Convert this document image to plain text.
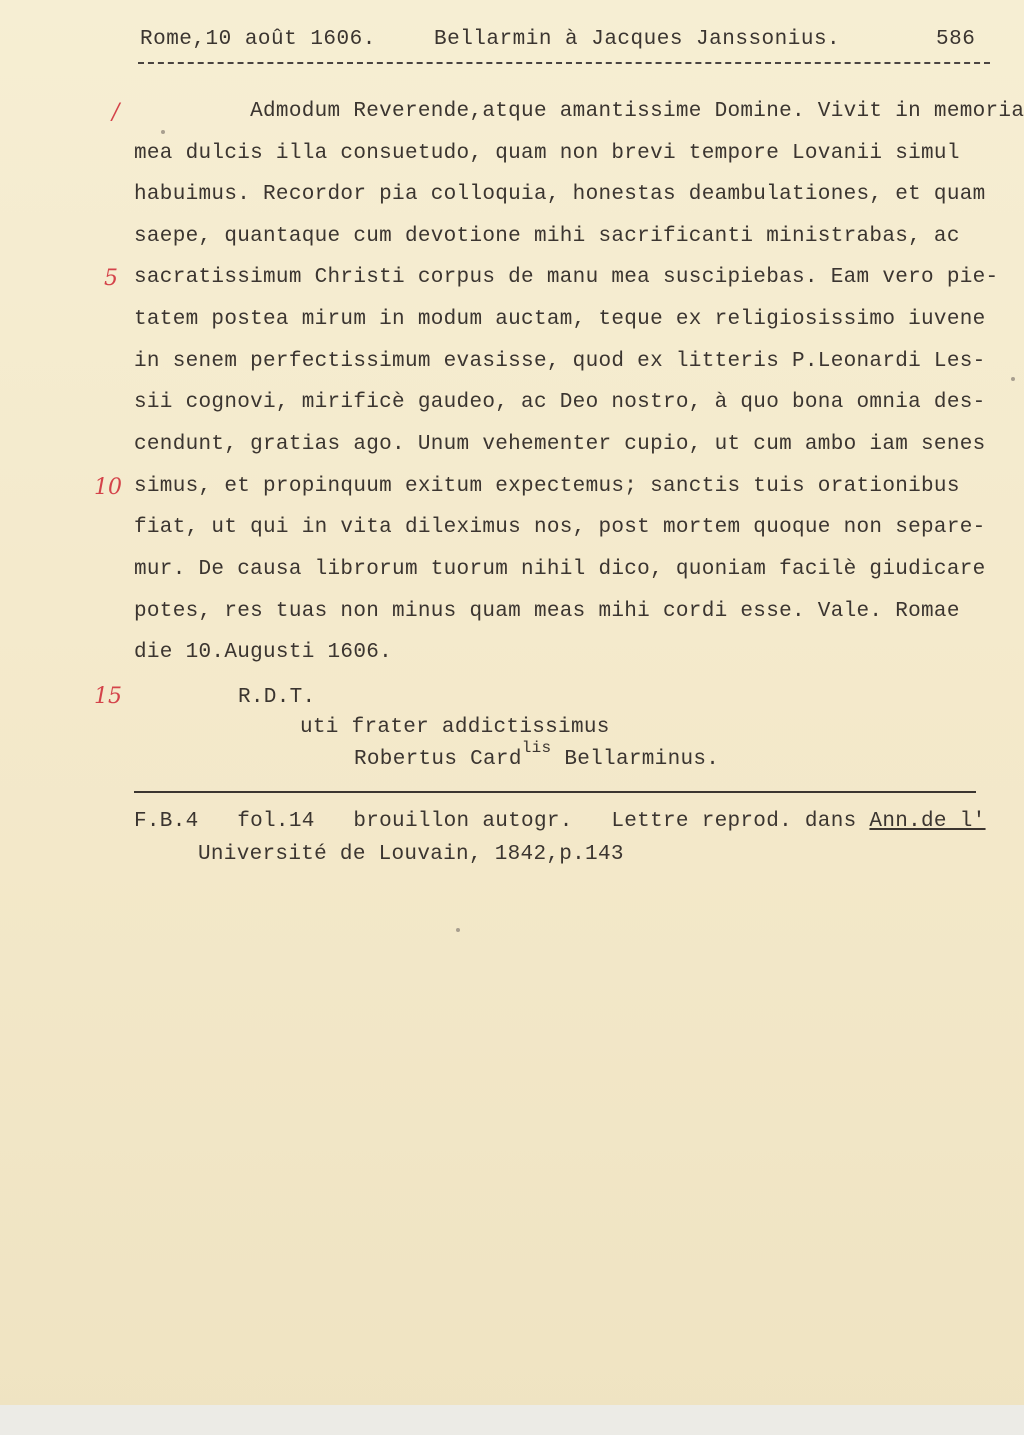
Rome,10 août 1606.	Bellarmin à Jacques Janssonius.	586
/
5
10
15
Admodum Reverende,atque amantissime Domine. Vivit in memoria
mea dulcis illa consuetudo, quam non brevi tempore Lovanii simul
habuimus. Recordor pia colloquia, honestas deambulationes, et quam
saepe, quantaque cum devotione mihi sacrificanti ministrabas, ac
sacratissimum Christi corpus de manu mea suscipiebas. Eam vero pie-
tatem postea mirum in modum auctam, teque ex religiosissimo iuvene
in senem perfectissimum evasisse, quod ex litteris P.Leonardi Les-
sii cognovi, mirificè gaudeo, ac Deo nostro, à quo bona omnia des-
cendunt, gratias ago. Unum vehementer cupio, ut cum ambo iam senes
simus, et propinquum exitum expectemus; sanctis tuis orationibus
fiat, ut qui in vita dileximus nos, post mortem quoque non separe-
mur. De causa librorum tuorum nihil dico, quoniam facilè giudicare
potes, res tuas non minus quam meas mihi cordi esse. Vale. Romae
die 10.Augusti 1606.
R.D.T.
uti frater addictissimus
Robertus Card$^{lis}$ Bellarminus.
F.B.4   fol.14   brouillon autogr.   Lettre reprod. dans Ann.de l'
Université de Louvain, 1842,p.143
